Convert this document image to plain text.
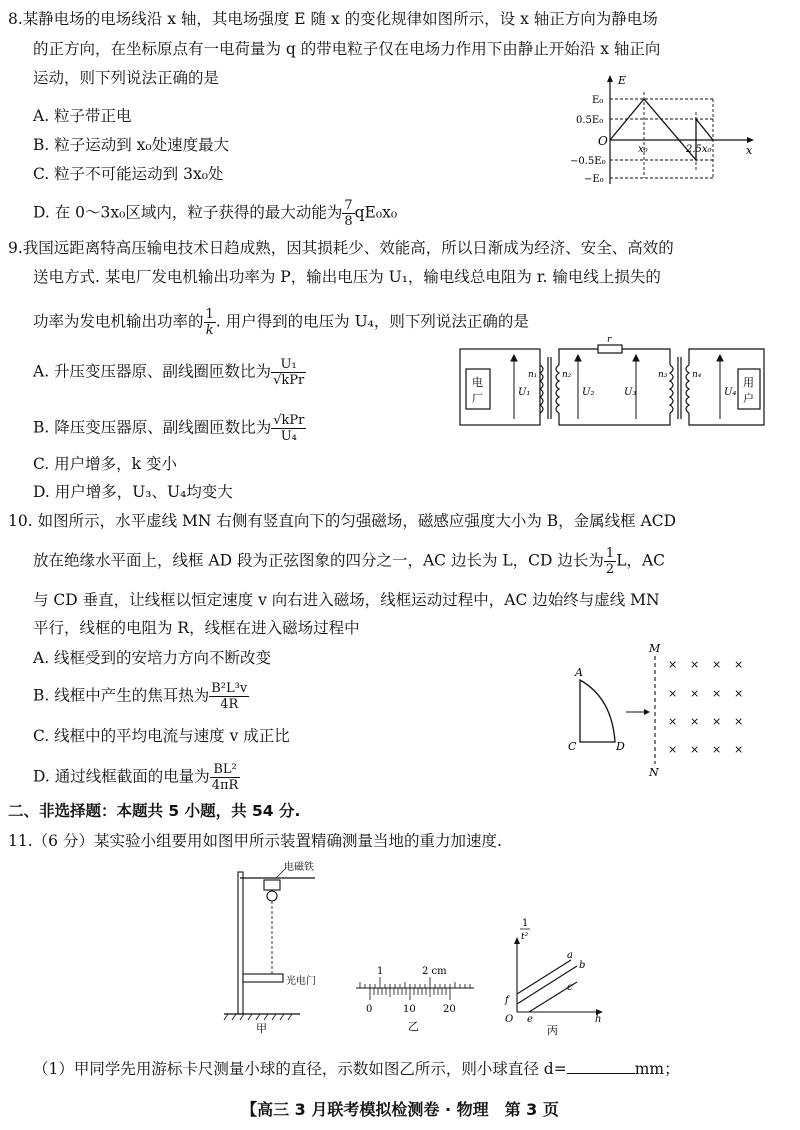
8.某静电场的电场线沿 x 轴，其电场强度 E 随 x 的变化规律如图所示，设 x 轴正方向为静电场
的正方向，在坐标原点有一电荷量为 q 的带电粒子仅在电场力作用下由静止开始沿 x 轴正向
运动，则下列说法正确的是
A. 粒子带正电
B. 粒子运动到 x₀处速度最大
C. 粒子不可能运动到 3x₀处
D. 在 0～3x₀区域内，粒子获得的最大动能为 $\frac{7}{8} qE_0x_0$
E
x
O
E₀
0.5E₀
−0.5E₀
−E₀
x₀	2.5x₀
9.我国远距离特高压输电技术日趋成熟，因其损耗少、效能高，所以日渐成为经济、安全、高效的
送电方式. 某电厂发电机输出功率为 P，输出电压为 U₁，输电线总电阻为 r. 输电线上损失的
功率为发电机输出功率的 $\frac{1}{k}$ . 用户得到的电压为 U₄，则下列说法正确的是
A. 升压变压器原、副线圈匝数比为 $\frac{\text{U₁}}{\text{√kPr}}$
B. 降压变压器原、副线圈匝数比为 $\frac{\text{√kPr}}{\text{U₄}}$
C. 用户增多，k 变小
D. 用户增多，U₃、U₄均变大
电
厂
用
户
U₁	U₂	U₃	U₄
n₁	n₂	n₃	n₄
r
10. 如图所示，水平虚线 MN 右侧有竖直向下的匀强磁场，磁感应强度大小为 B，金属线框 ACD
放在绝缘水平面上，线框 AD 段为正弦图象的四分之一，AC 边长为 L，CD 边长为 $\frac{1}{2}$ L，AC
与 CD 垂直，让线框以恒定速度 v 向右进入磁场，线框运动过程中，AC 边始终与虚线 MN
平行，线框的电阻为 R，线框在进入磁场过程中
A. 线框受到的安培力方向不断改变
B. 线框中产生的焦耳热为 $\frac{\text{B²L³v}}{4R}$
C. 线框中的平均电流与速度 v 成正比
D. 通过线框截面的电量为 $\frac{\text{BL²}}{4\pi R}$
A
C	D
M
N
× × × ×
× × × ×
× × × ×
× × × ×
二、非选择题：本题共 5 小题，共 54 分.
11.（6 分）某实验小组要用如图甲所示装置精确测量当地的重力加速度.
电磁铁
光电门
甲
1	2 cm
0	10	20
乙
1
t²
a
b
c
f
O e	h
丙
（1）甲同学先用游标卡尺测量小球的直径，示数如图乙所示，则小球直径 d=	mm；
【高三 3 月联考模拟检测卷 · 物理　第 3 页
